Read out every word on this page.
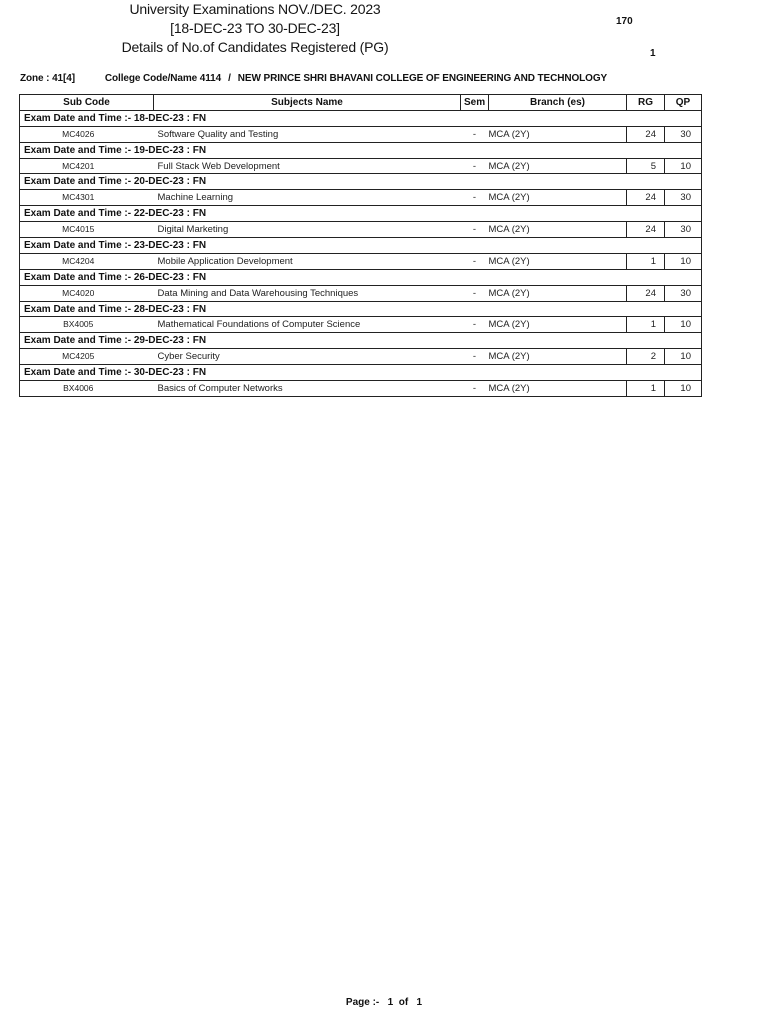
University Examinations NOV./DEC. 2023
[18-DEC-23 TO 30-DEC-23]
Details of No.of Candidates Registered (PG)
170
1
Zone : 41[4]	College Code/Name 4114 / NEW PRINCE SHRI BHAVANI COLLEGE OF ENGINEERING AND TECHNOLOGY
Sub Code	Subjects Name	Sem	Branch (es)	RG	QP
Exam Date and Time :- 18-DEC-23 : FN					
MC4026	Software Quality and Testing	-	MCA (2Y)	24	30
Exam Date and Time :- 19-DEC-23 : FN					
MC4201	Full Stack Web Development	-	MCA (2Y)	5	10
Exam Date and Time :- 20-DEC-23 : FN					
MC4301	Machine Learning	-	MCA (2Y)	24	30
Exam Date and Time :- 22-DEC-23 : FN					
MC4015	Digital Marketing	-	MCA (2Y)	24	30
Exam Date and Time :- 23-DEC-23 : FN					
MC4204	Mobile Application Development	-	MCA (2Y)	1	10
Exam Date and Time :- 26-DEC-23 : FN					
MC4020	Data Mining and Data Warehousing Techniques	-	MCA (2Y)	24	30
Exam Date and Time :- 28-DEC-23 : FN					
BX4005	Mathematical Foundations of Computer Science	-	MCA (2Y)	1	10
Exam Date and Time :- 29-DEC-23 : FN					
MC4205	Cyber Security	-	MCA (2Y)	2	10
Exam Date and Time :- 30-DEC-23 : FN					
BX4006	Basics of Computer Networks	-	MCA (2Y)	1	10
Page :-   1  of   1
